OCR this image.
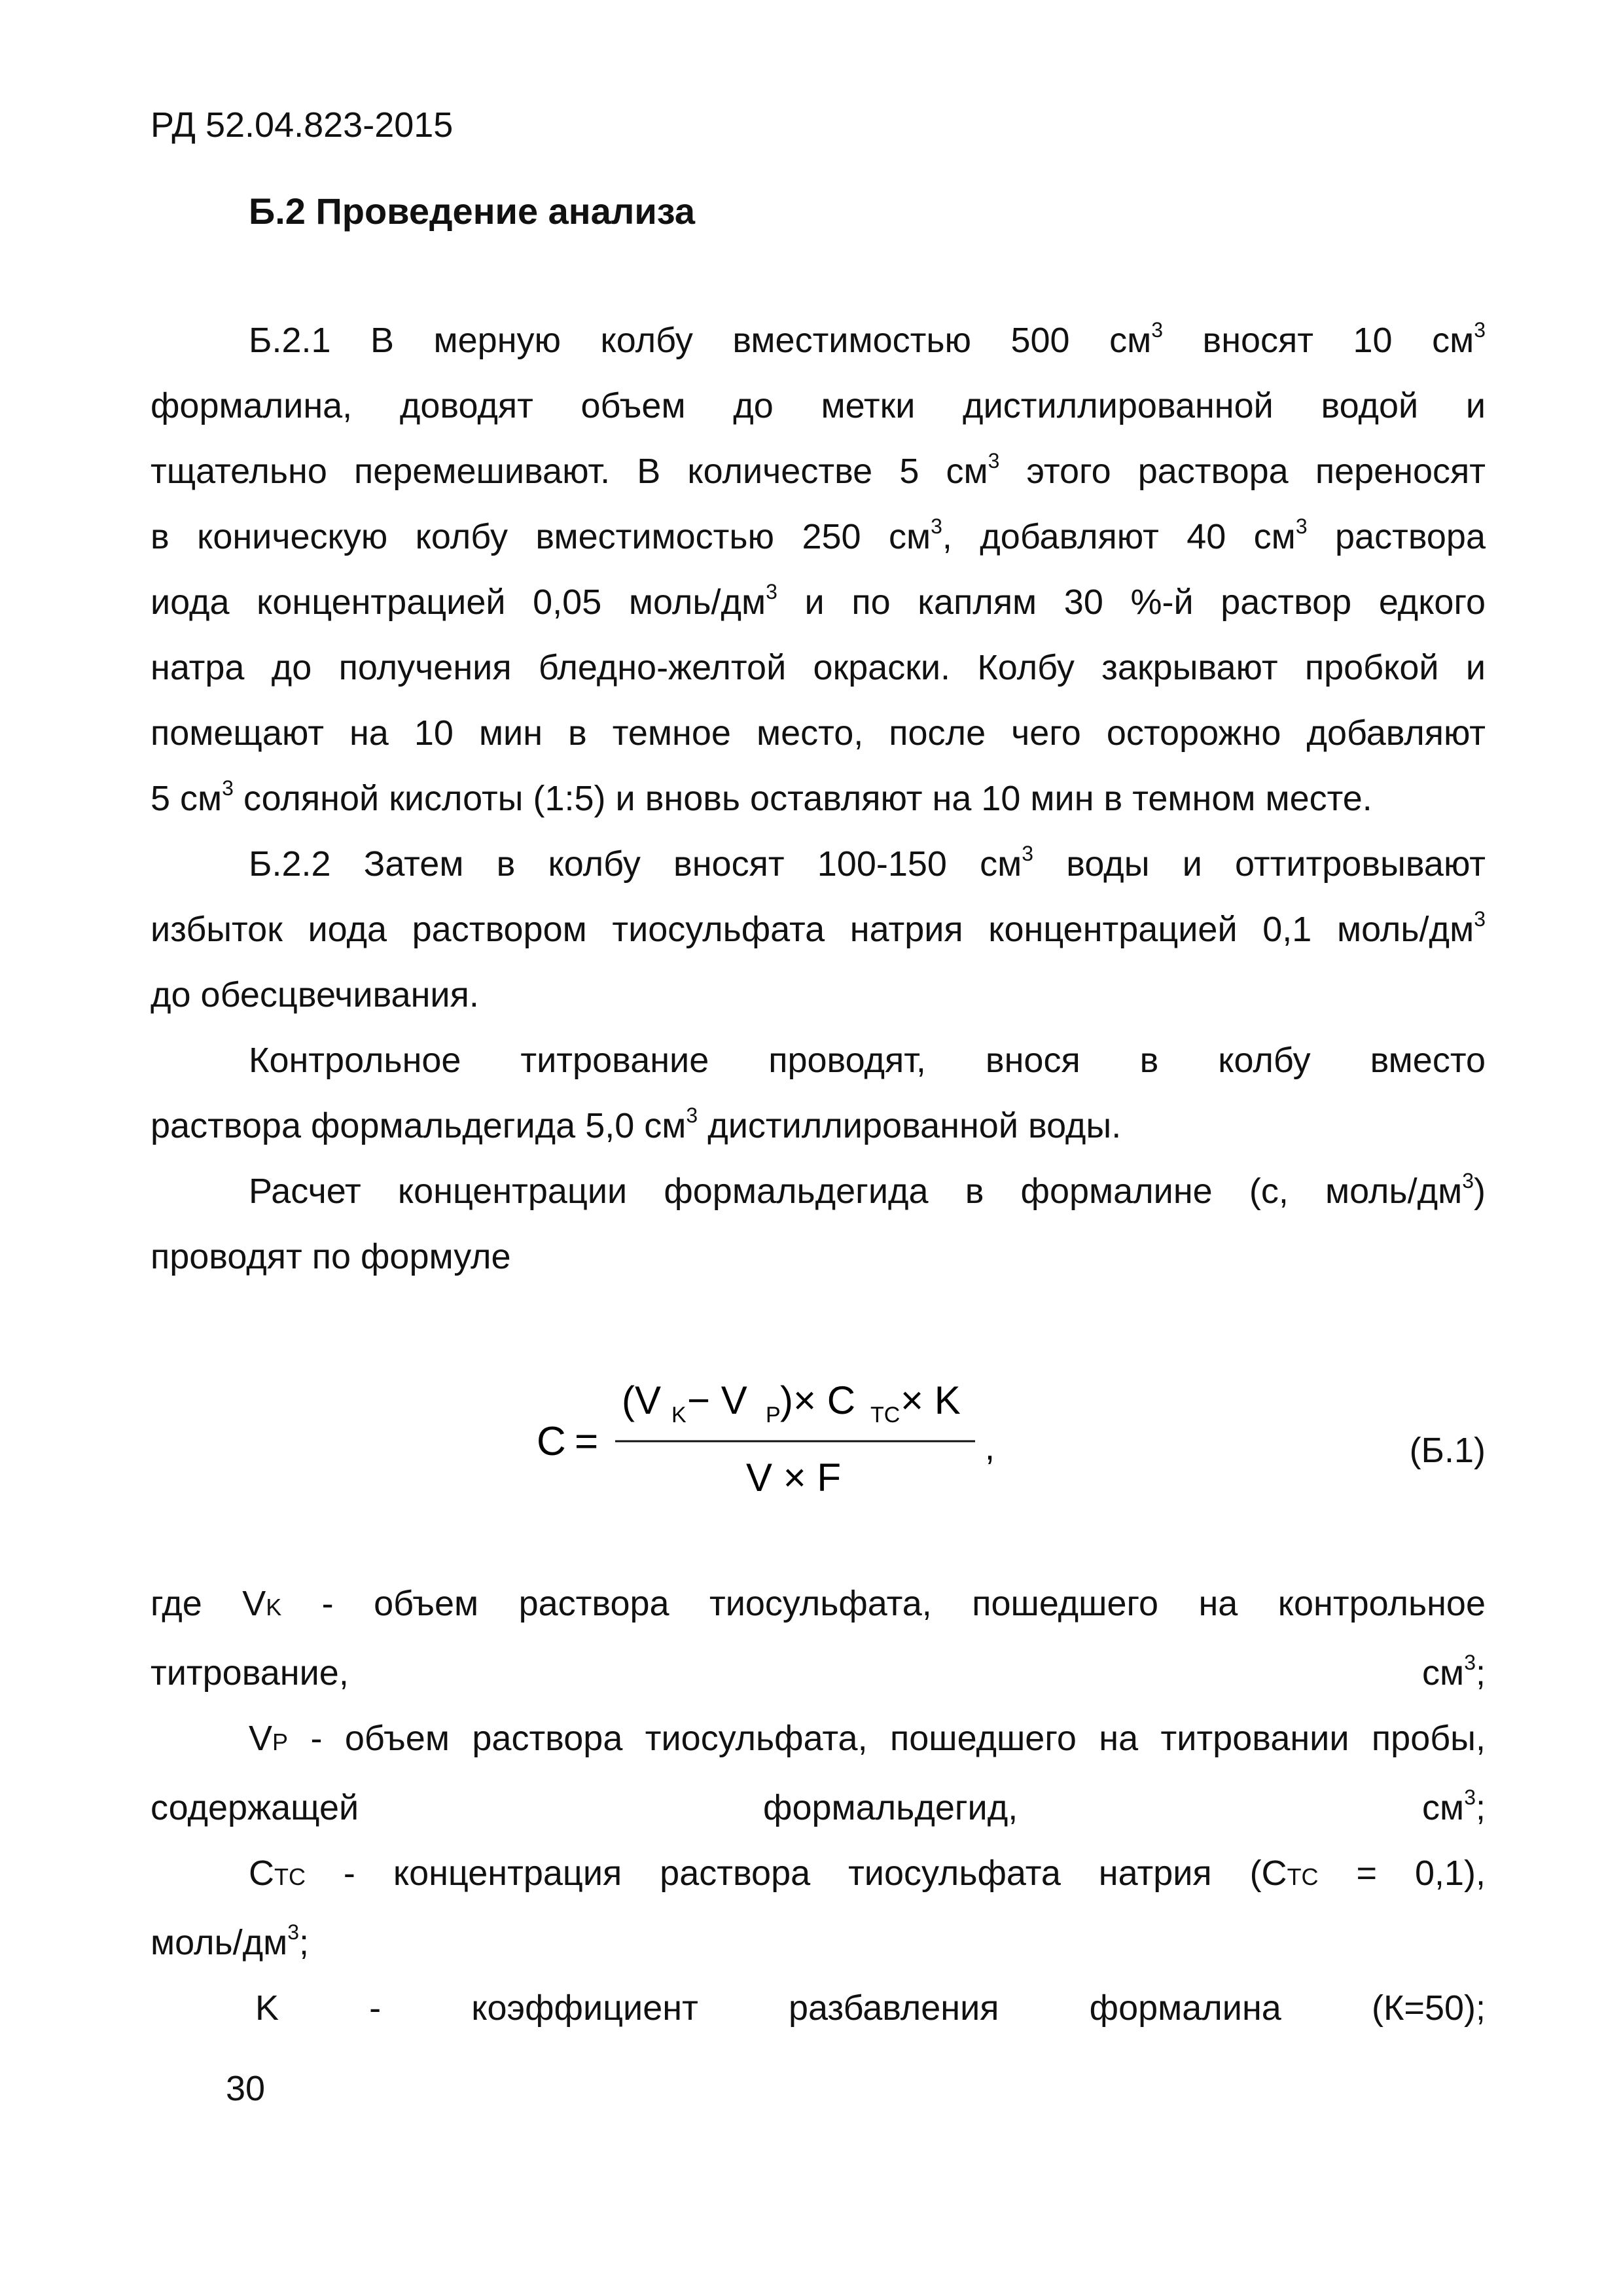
РД 52.04.823-2015
Б.2 Проведение анализа
Б.2.1 В мерную колбу вместимостью 500 $см^3$ вносят 10 $см^3$
формалина, доводят объем до метки дистиллированной водой и
тщательно перемешивают. В количестве 5 $см^3$ этого раствора переносят
в коническую колбу вместимостью 250 $см^3$, добавляют 40 $см^3$ раствора
иода концентрацией 0,05 моль/$дм^3$ и по каплям 30 %-й раствор едкого
натра до получения бледно-желтой окраски. Колбу закрывают пробкой и
помещают на 10 мин в темное место, после чего осторожно добавляют
5 $см^3$ соляной кислоты (1:5) и вновь оставляют на 10 мин в темном месте.
Б.2.2 Затем в колбу вносят 100-150 $см^3$ воды и оттитровывают
избыток иода раствором тиосульфата натрия концентрацией 0,1 моль/$дм^3$
до обесцвечивания.
Контрольное титрование проводят, внося в колбу вместо
раствора формальдегида 5,0 $см^3$ дистиллированной воды.
Расчет концентрации формальдегида в формалине (с, моль/$дм^3$)
проводят по формуле
C =
(V K − V P ) × C TC × K
V × F
,	(Б.1)
где VK - объем раствора тиосульфата, пошедшего на контрольное
титрование, $см^3$;
VP - объем раствора тиосульфата, пошедшего на титровании пробы,
содержащей формальдегид, $см^3$;
CTC - концентрация раствора тиосульфата натрия (CTC = 0,1),
моль/$дм^3$;
K - коэффициент разбавления формалина (К=50);
30
